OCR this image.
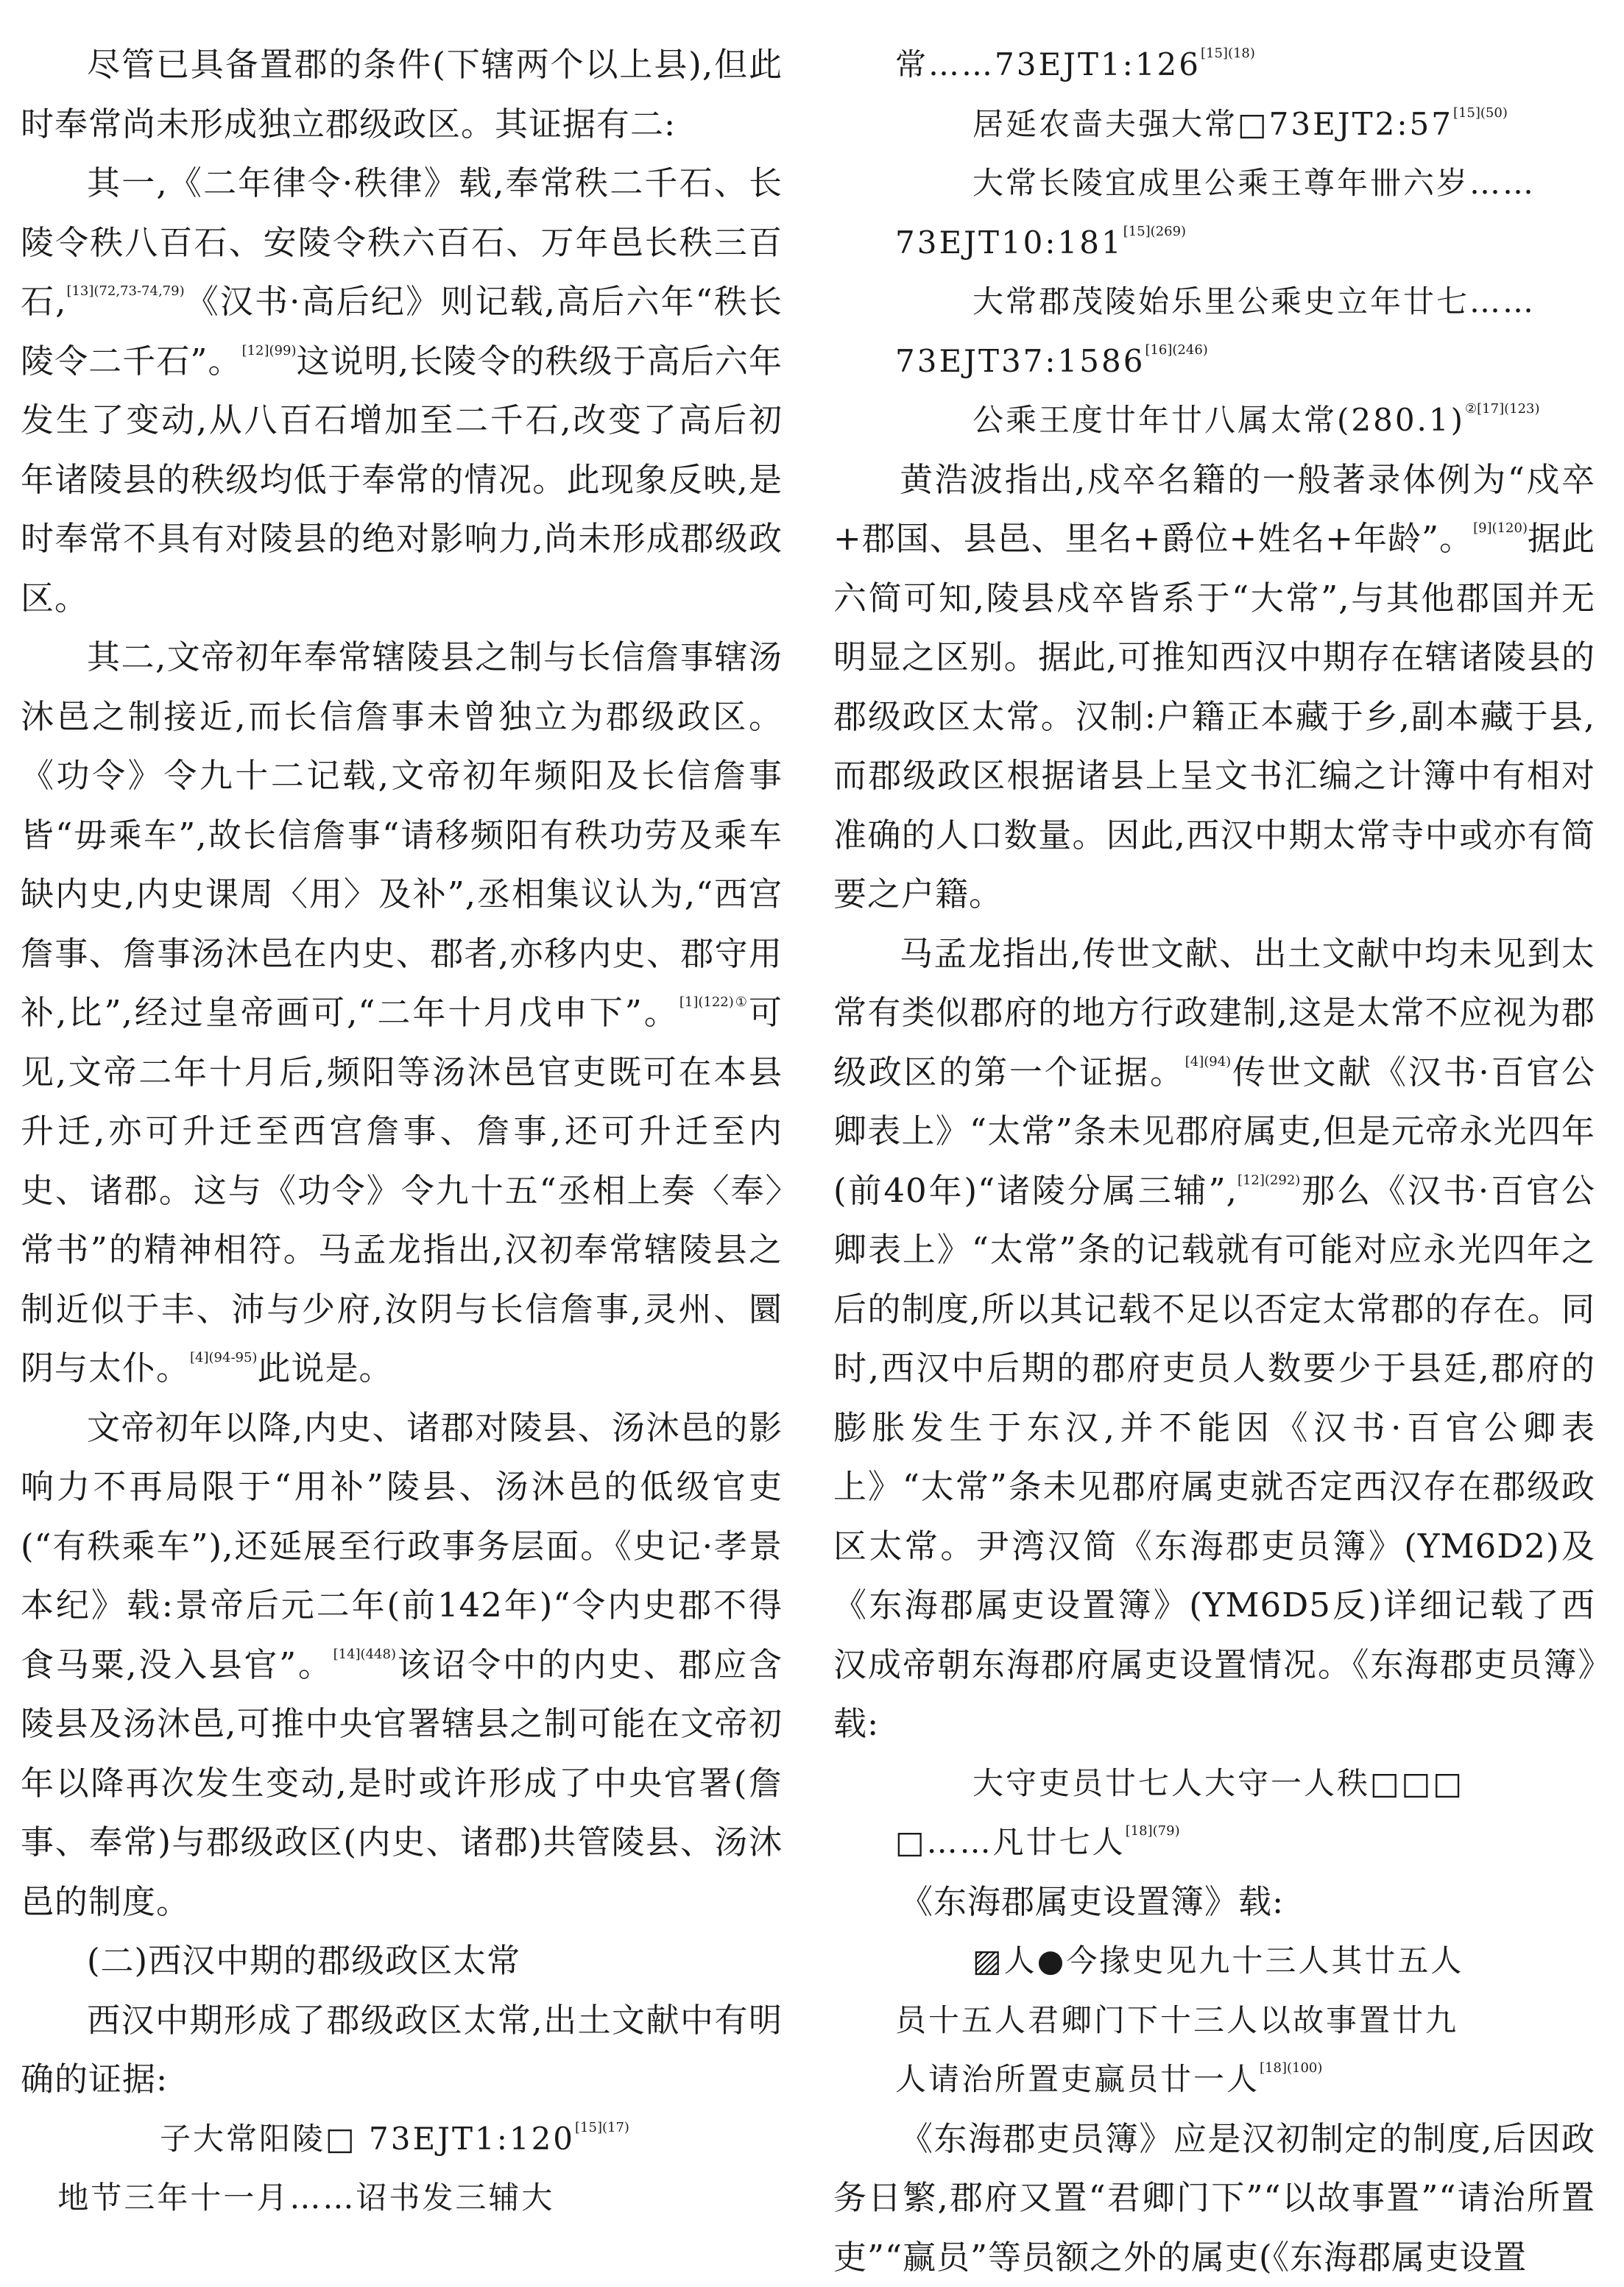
尽管已具备置郡的条件(下辖两个以上县),但此时奉常尚未形成独立郡级政区。其证据有二:

其一,《二年律令·秩律》载,奉常秩二千石、长陵令秩八百石、安陵令秩六百石、万年邑长秩三百石,$^{[13](72,73-74,79)}$《汉书·高后纪》则记载,高后六年“秩长陵令二千石”。$^{[12](99)}$这说明,长陵令的秩级于高后六年发生了变动,从八百石增加至二千石,改变了高后初年诸陵县的秩级均低于奉常的情况。此现象反映,是时奉常不具有对陵县的绝对影响力,尚未形成郡级政区。

其二,文帝初年奉常辖陵县之制与长信詹事辖汤沐邑之制接近,而长信詹事未曾独立为郡级政区。《功令》令九十二记载,文帝初年频阳及长信詹事皆“毋乘车”,故长信詹事“请移频阳有秩功劳及乘车缺内史,内史课周〈用〉及补”,丞相集议认为,“西宫詹事、詹事汤沐邑在内史、郡者,亦移内史、郡守用补,比”,经过皇帝画可,“二年十月戊申下”。$^{[1](122)①}$可见,文帝二年十月后,频阳等汤沐邑官吏既可在本县升迁,亦可升迁至西宫詹事、詹事,还可升迁至内史、诸郡。这与《功令》令九十五“丞相上奏〈奉〉常书”的精神相符。马孟龙指出,汉初奉常辖陵县之制近似于丰、沛与少府,汝阴与长信詹事,灵州、圜阴与太仆。$^{[4](94-95)}$此说是。

文帝初年以降,内史、诸郡对陵县、汤沐邑的影响力不再局限于“用补”陵县、汤沐邑的低级官吏(“有秩乘车”),还延展至行政事务层面。《史记·孝景本纪》载:景帝后元二年(前142年)“令内史郡不得食马粟,没入县官”。$^{[14](448)}$该诏令中的内史、郡应含陵县及汤沐邑,可推中央官署辖县之制可能在文帝初年以降再次发生变动,是时或许形成了中央官署(詹事、奉常)与郡级政区(内史、诸郡)共管陵县、汤沐邑的制度。

(二)西汉中期的郡级政区太常

西汉中期形成了郡级政区太常,出土文献中有明确的证据:

子大常阳陵□ $73EJT1:120^{[15](17)}$

地节三年十一月……诏书发三辅大

常$\dots\dots 73EJT1:126^{[15](18)}$

居延农啬夫强大常$□73EJT2:57^{[15](50)}$

大常长陵宜成里公乘王尊年卌六岁……

$73EJT10:181^{[15](269)}$

大常郡茂陵始乐里公乘史立年廿七……

$73EJT37:1586^{[16](246)}$

公乘王度廿年廿八属太常$(280.1)^{②[17](123)}$

黄浩波指出,戍卒名籍的一般著录体例为“戍卒+郡国、县邑、里名+爵位+姓名+年龄”。$^{[9](120)}$据此六简可知,陵县戍卒皆系于“大常”,与其他郡国并无明显之区别。据此,可推知西汉中期存在辖诸陵县的郡级政区太常。汉制:户籍正本藏于乡,副本藏于县,而郡级政区根据诸县上呈文书汇编之计簿中有相对准确的人口数量。因此,西汉中期太常寺中或亦有简要之户籍。

马孟龙指出,传世文献、出土文献中均未见到太常有类似郡府的地方行政建制,这是太常不应视为郡级政区的第一个证据。$^{[4](94)}$传世文献《汉书·百官公卿表上》“太常”条未见郡府属吏,但是元帝永光四年(前40年)“诸陵分属三辅”,$^{[12](292)}$那么《汉书·百官公卿表上》“太常”条的记载就有可能对应永光四年之后的制度,所以其记载不足以否定太常郡的存在。同时,西汉中后期的郡府吏员人数要少于县廷,郡府的膨胀发生于东汉,并不能因《汉书·百官公卿表上》“太常”条未见郡府属吏就否定西汉存在郡级政区太常。尹湾汉简《东海郡吏员簿》(YM6D2)及《东海郡属吏设置簿》(YM6D5反)详细记载了西汉成帝朝东海郡府属吏设置情况。《东海郡吏员簿》载:

大守吏员廿七人大守一人秩□□□

□……凡廿七人$^{[18](79)}$

《东海郡属吏设置簿》载:

▨人●今掾史见九十三人其廿五人

员十五人君卿门下十三人以故事置廿九

人请治所置吏赢员廿一人$^{[18](100)}$

《东海郡吏员簿》应是汉初制定的制度,后因政务日繁,郡府又置“君卿门下”“以故事置”“请治所置吏”“赢员”等员额之外的属吏(《东海郡属吏设置
